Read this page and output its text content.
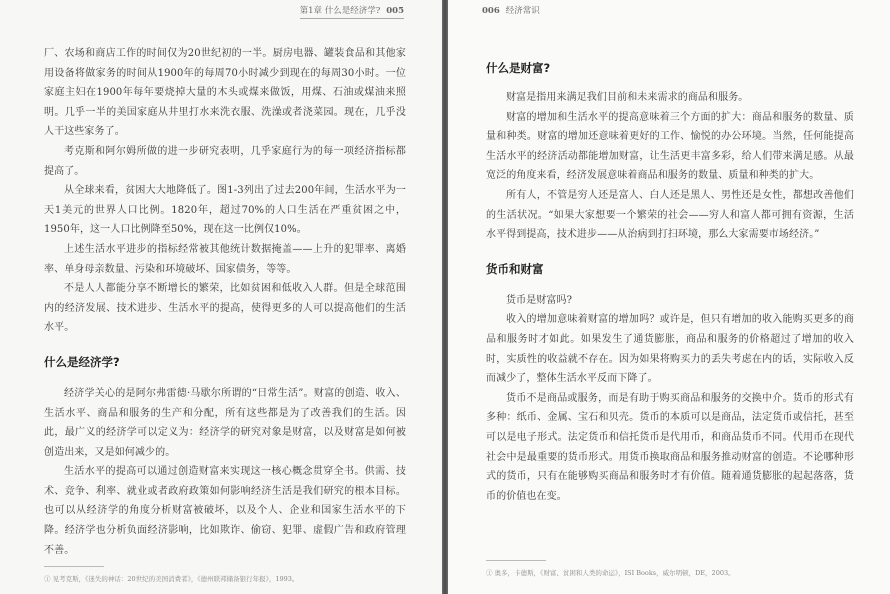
第1章 什么是经济学? 005

厂、农场和商店工作的时间仅为20世纪初的一半。厨房电器、罐装食品和其他家用设备将做家务的时间从1900年的每周70小时减少到现在的每周30小时。一位家庭主妇在1900年每年要烧掉大量的木头或煤来做饭，用煤、石油或煤油来照明。几乎一半的美国家庭从井里打水来洗衣服、洗澡或者浇菜园。现在，几乎没人干这些家务了。

考克斯和阿尔姆所做的进一步研究表明，几乎家庭行为的每一项经济指标都提高了。

从全球来看，贫困大大地降低了。图1-3列出了过去200年间，生活水平为一天1美元的世界人口比例。1820年，超过70%的人口生活在严重贫困之中，1950年，这一人口比例降至50%，现在这一比例仅10%。

上述生活水平进步的指标经常被其他统计数据掩盖——上升的犯罪率、离婚率、单身母亲数量、污染和环境破坏、国家债务，等等。

不是人人都能分享不断增长的繁荣，比如贫困和低收入人群。但是全球范围内的经济发展、技术进步、生活水平的提高，使得更多的人可以提高他们的生活水平。

什么是经济学?

经济学关心的是阿尔弗雷德·马歇尔所谓的“日常生活”。财富的创造、收入、生活水平、商品和服务的生产和分配，所有这些都是为了改善我们的生活。因此，最广义的经济学可以定义为：经济学的研究对象是财富，以及财富是如何被创造出来，又是如何减少的。

生活水平的提高可以通过创造财富来实现这一核心概念贯穿全书。供需、技术、竞争、利率、就业或者政府政策如何影响经济生活是我们研究的根本目标。也可以从经济学的角度分析财富被破坏，以及个人、企业和国家生活水平的下降。经济学也分析负面经济影响，比如欺诈、偷窃、犯罪、虚假广告和政府管理不善。

① 见考克斯，《迷失的神话：20世纪的美国消费者》，《德州联邦储备银行年报》，1993。
006 经济常识
什么是财富?

财富是指用来满足我们目前和未来需求的商品和服务。

财富的增加和生活水平的提高意味着三个方面的扩大：商品和服务的数量、质量和种类。财富的增加还意味着更好的工作、愉悦的办公环境。当然，任何能提高生活水平的经济活动都能增加财富，让生活更丰富多彩，给人们带来满足感。从最宽泛的角度来看，经济发展意味着商品和服务的数量、质量和种类的扩大。

所有人，不管是穷人还是富人、白人还是黑人、男性还是女性，都想改善他们的生活状况。“如果大家想要一个繁荣的社会——穷人和富人都可拥有资源，生活水平得到提高，技术进步——从治病到打扫环境，那么大家需要市场经济。”

货币和财富

货币是财富吗?

收入的增加意味着财富的增加吗？或许是，但只有增加的收入能购买更多的商品和服务时才如此。如果发生了通货膨胀，商品和服务的价格超过了增加的收入时，实质性的收益就不存在。因为如果将购买力的丢失考虑在内的话，实际收入反而减少了，整体生活水平反而下降了。

货币不是商品或服务，而是有助于购买商品和服务的交换中介。货币的形式有多种：纸币、金属、宝石和贝壳。货币的本质可以是商品，法定货币或信托，甚至可以是电子形式。法定货币和信托货币是代用币，和商品货币不同。代用币在现代社会中是最重要的货币形式。用货币换取商品和服务推动财富的创造。不论哪种形式的货币，只有在能够购买商品和服务时才有价值。随着通货膨胀的起起落落，货币的价值也在变。

① 奥多，卡德斯，《财富、贫困和人类的命运》，ISI Books，威尔明顿，DE，2003。
